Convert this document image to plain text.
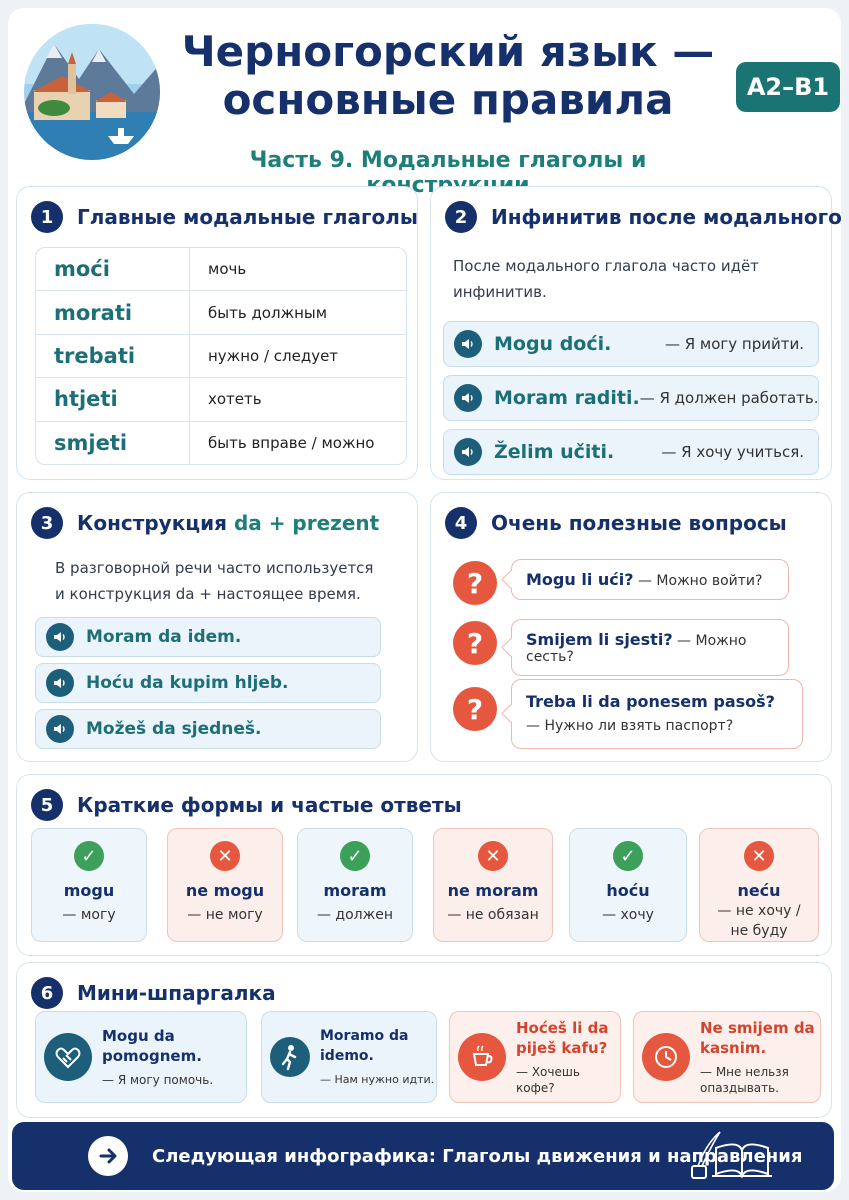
Черногорский язык —
основные правила
Часть 9. Модальные глаголы и
A2–B1
1	Главные модальные глаголы
moći	мочь
morati	быть должным
trebati	нужно / следует
htjeti	хотеть
smjeti	быть вправе / можно
2	Инфинитив после модального
После модального глагола часто идёт
инфинитив.
Mogu doći.	— Я могу прийти.
Moram raditi. — Я должен работать.
Želim učiti.	— Я хочу учиться.
3	Конструкция da + prezent
В разговорной речи часто используется
и конструкция da + настоящее время.
Moram da idem.
Hoću da kupim hljeb.
Možeš da sjedneš.
4	Очень полезные вопросы
?	Mogu li ući? — Можно войти?
?	Smijem li sjesti? — Можно сесть?
?	Treba li da ponesem pasoš?
— Нужно ли взять паспорт?
5	Краткие формы и частые ответы
✓
mogu
— могу
✕
ne mogu
— не могу
✓
moram
— должен
✕
ne moram
— не обязан
✓
hoću
— хочу
✕
neću
— не хочу /
не буду
6	Мини-шпаргалка
Mogu da pomognem.
— Я могу помочь.
Moramo da
idemo.
— Нам нужно идти.
Hoćeš li da
piješ kafu?
— Хочешь кофе?
Ne smijem da
kasnim.
— Мне нельзя
опаздывать.
Следующая инфографика: Глаголы движения и направления
